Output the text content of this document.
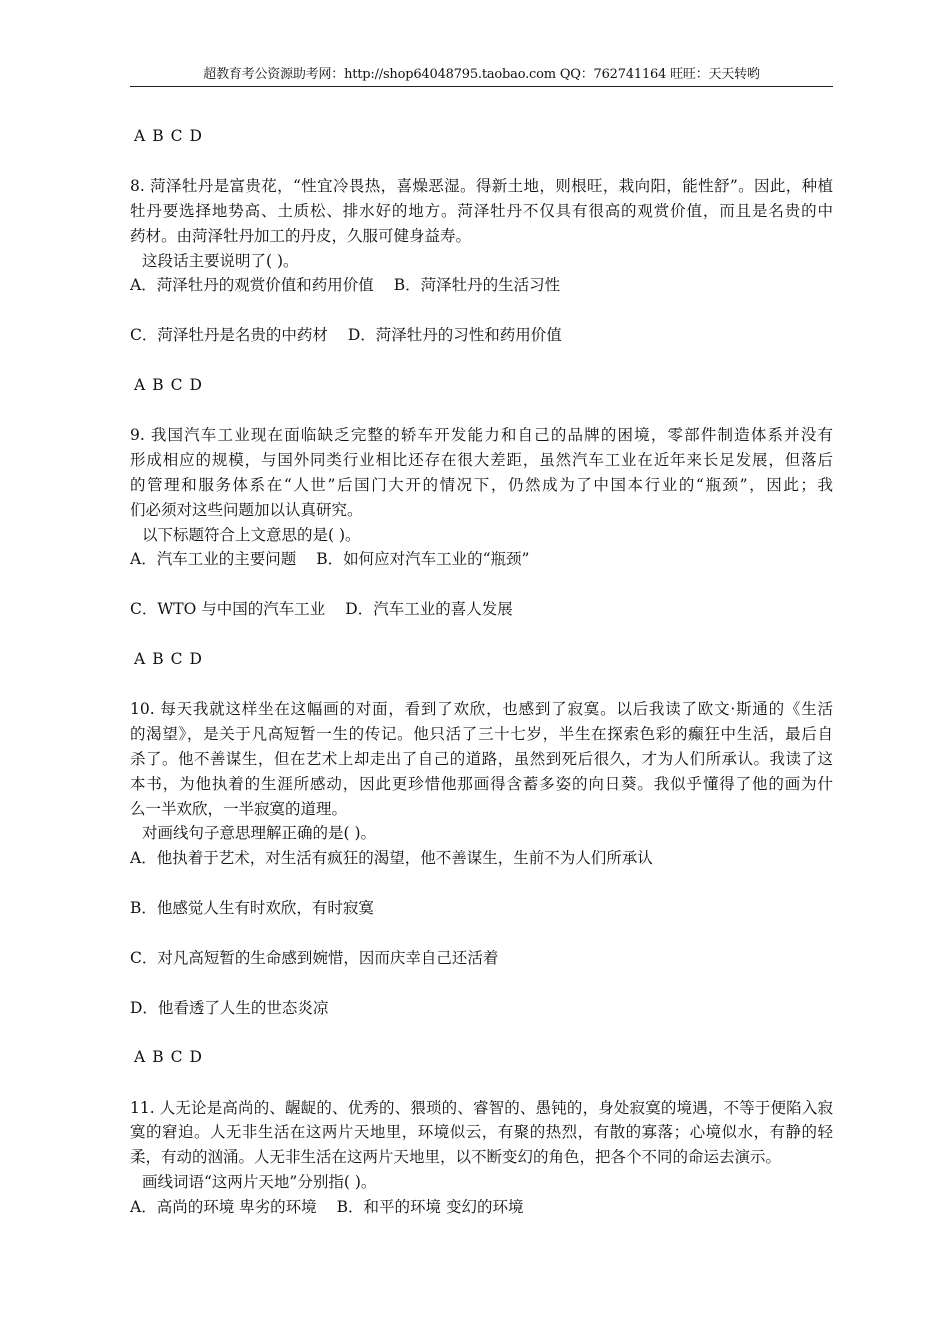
超教育考公资源助考网：http://shop64048795.taobao.com QQ：762741164 旺旺：天天转哟
A B C D
8. 菏泽牡丹是富贵花，“性宜冷畏热，喜燥恶湿。得新土地，则根旺，栽向阳，能性舒”。因此，种植
牡丹要选择地势高、土质松、排水好的地方。菏泽牡丹不仅具有很高的观赏价值，而且是名贵的中
药材。由菏泽牡丹加工的丹皮，久服可健身益寿。
这段话主要说明了( )。
A．菏泽牡丹的观赏价值和药用价值 B．菏泽牡丹的生活习性
C．菏泽牡丹是名贵的中药材 D．菏泽牡丹的习性和药用价值
A B C D
9. 我国汽车工业现在面临缺乏完整的轿车开发能力和自己的品牌的困境，零部件制造体系并没有
形成相应的规模，与国外同类行业相比还存在很大差距，虽然汽车工业在近年来长足发展，但落后
的管理和服务体系在“人世”后国门大开的情况下，仍然成为了中国本行业的“瓶颈”，因此；我
们必须对这些问题加以认真研究。
以下标题符合上文意思的是( )。
A．汽车工业的主要问题 B．如何应对汽车工业的“瓶颈”
C．WTO 与中国的汽车工业 D．汽车工业的喜人发展
A B C D
10. 每天我就这样坐在这幅画的对面，看到了欢欣，也感到了寂寞。以后我读了欧文·斯通的《生活
的渴望》，是关于凡高短暂一生的传记。他只活了三十七岁，半生在探索色彩的癫狂中生活，最后自
杀了。他不善谋生，但在艺术上却走出了自己的道路，虽然到死后很久，才为人们所承认。我读了这
本书，为他执着的生涯所感动，因此更珍惜他那画得含蓄多姿的向日葵。我似乎懂得了他的画为什
么一半欢欣，一半寂寞的道理。
对画线句子意思理解正确的是( )。
A．他执着于艺术，对生活有疯狂的渴望，他不善谋生，生前不为人们所承认
B．他感觉人生有时欢欣，有时寂寞
C．对凡高短暂的生命感到婉惜，因而庆幸自己还活着
D．他看透了人生的世态炎凉
A B C D
11. 人无论是高尚的、龌龊的、优秀的、猥琐的、睿智的、愚钝的，身处寂寞的境遇，不等于便陷入寂
寞的窘迫。人无非生活在这两片天地里，环境似云，有聚的热烈，有散的寡落；心境似水，有静的轻
柔，有动的汹涌。人无非生活在这两片天地里，以不断变幻的角色，把各个不同的命运去演示。
画线词语“这两片天地”分别指( )。
A．高尚的环境 卑劣的环境 B．和平的环境 变幻的环境
